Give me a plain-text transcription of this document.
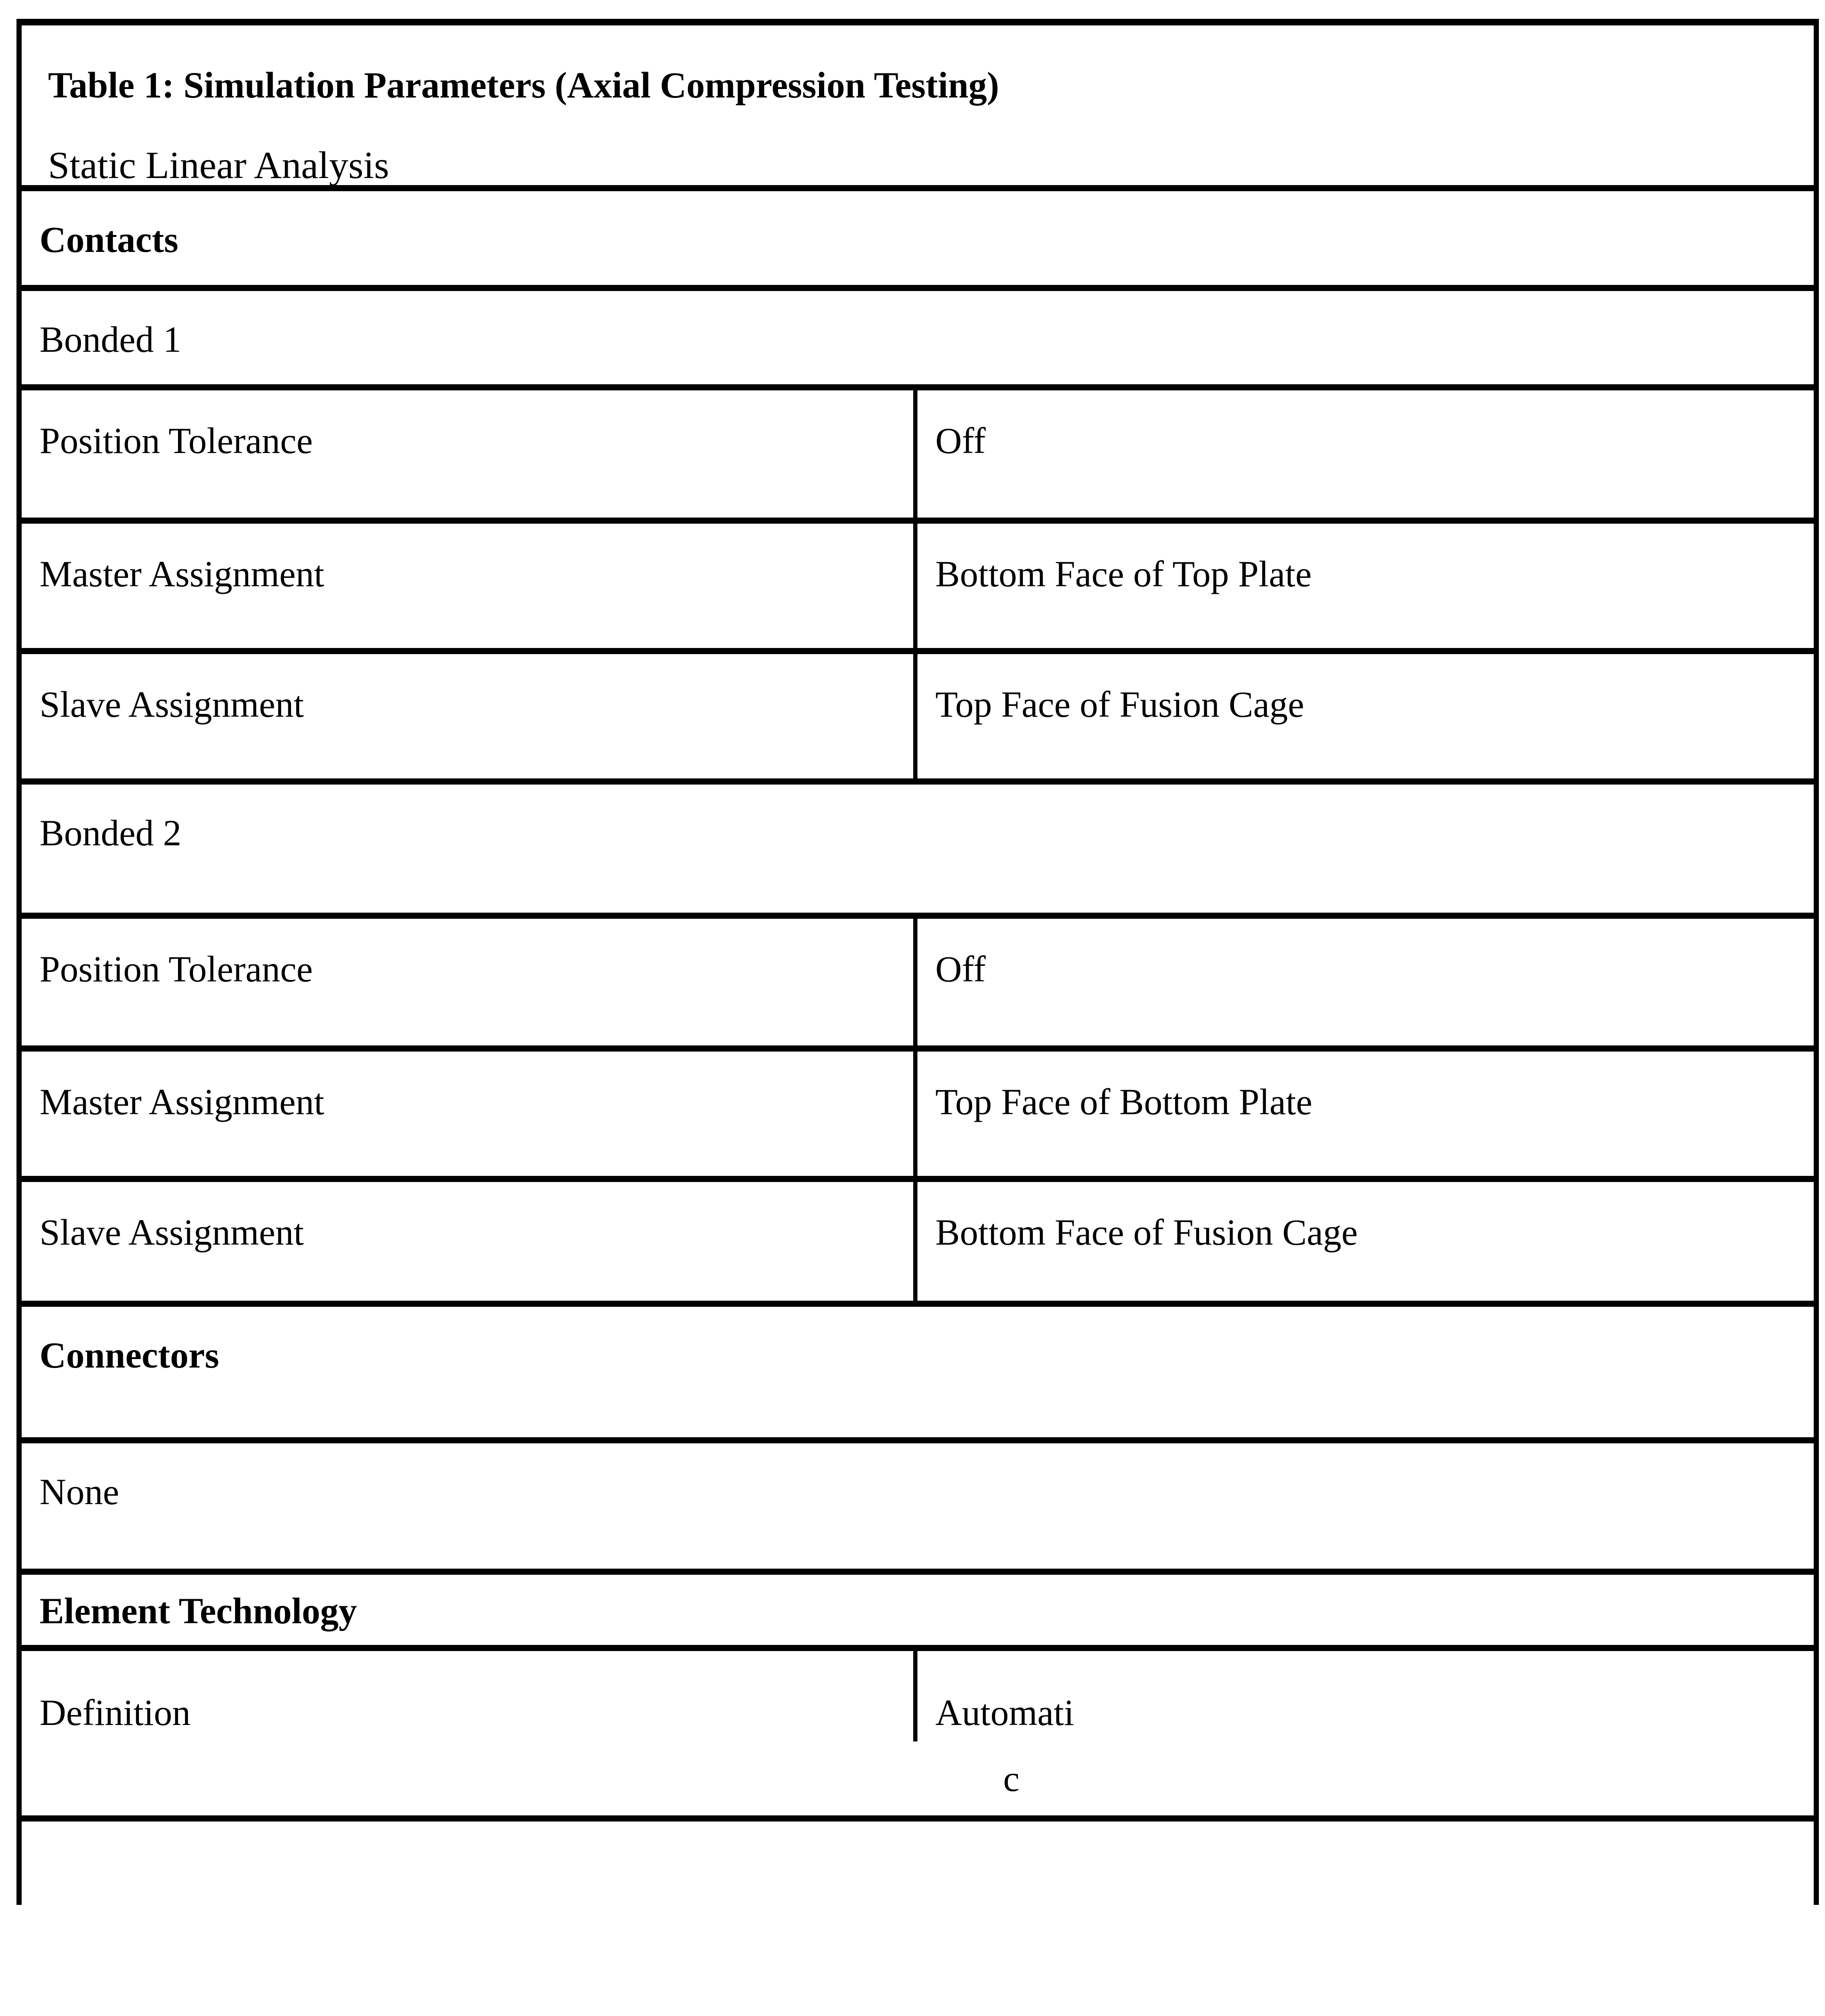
Table 1: Simulation Parameters (Axial Compression Testing)
Static Linear Analysis
Contacts
Bonded 1
Position Tolerance	Off
Master Assignment	Bottom Face of Top Plate
Slave Assignment	Top Face of Fusion Cage
Bonded 2
Position Tolerance	Off
Master Assignment	Top Face of Bottom Plate
Slave Assignment	Bottom Face of Fusion Cage
Connectors
None
Element Technology
Definition	Automati
c
